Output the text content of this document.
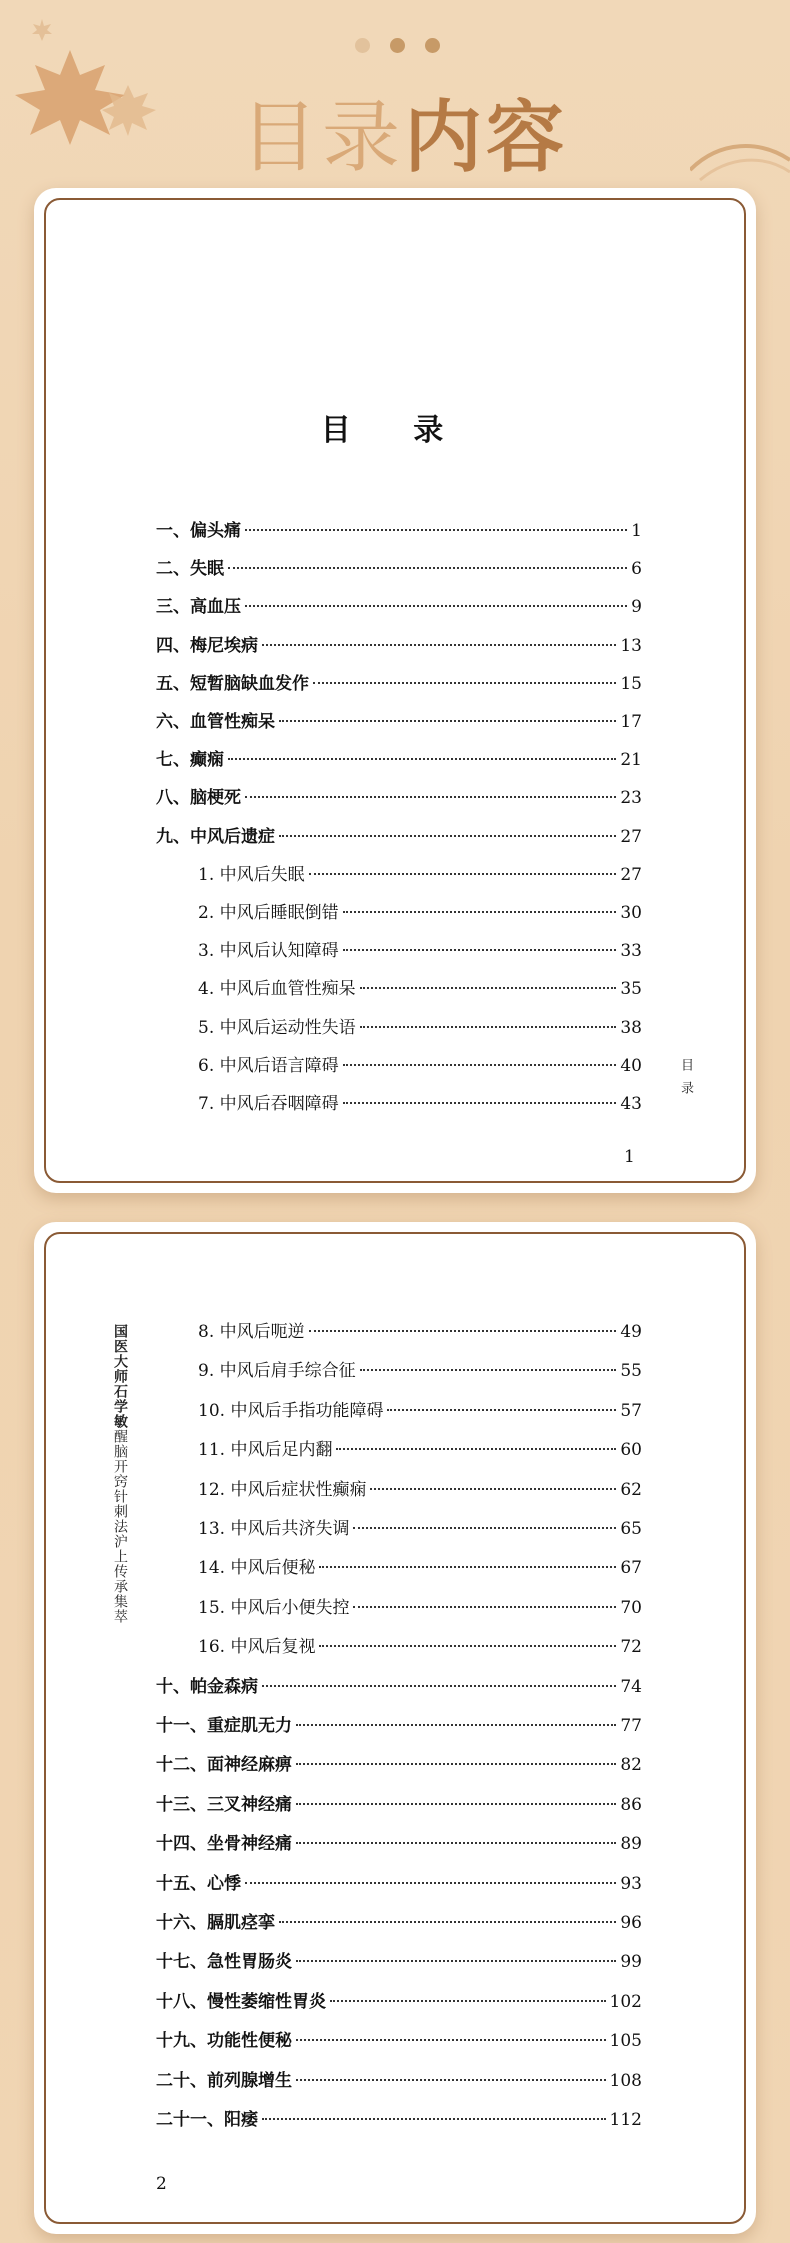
目录内容
目 录
一、偏头痛	1
二、失眠	6
三、高血压	9
四、梅尼埃病	13
五、短暂脑缺血发作	15
六、血管性痴呆	17
七、癫痫	21
八、脑梗死	23
九、中风后遗症	27
1. 中风后失眠	27
2. 中风后睡眠倒错	30
3. 中风后认知障碍	33
4. 中风后血管性痴呆	35
5. 中风后运动性失语	38
6. 中风后语言障碍	40
7. 中风后吞咽障碍	43	目录
1
国医大师石学敏醒脑开窍针刺法沪上传承集萃
8. 中风后呃逆	49
9. 中风后肩手综合征	55
10. 中风后手指功能障碍	57
11. 中风后足内翻	60
12. 中风后症状性癫痫	62
13. 中风后共济失调	65
14. 中风后便秘	67
15. 中风后小便失控	70
16. 中风后复视	72
十、帕金森病	74
十一、重症肌无力	77
十二、面神经麻痹	82
十三、三叉神经痛	86
十四、坐骨神经痛	89
十五、心悸	93
十六、膈肌痉挛	96
十七、急性胃肠炎	99
十八、慢性萎缩性胃炎	102
十九、功能性便秘	105
二十、前列腺增生	108
二十一、阳痿	112
2
